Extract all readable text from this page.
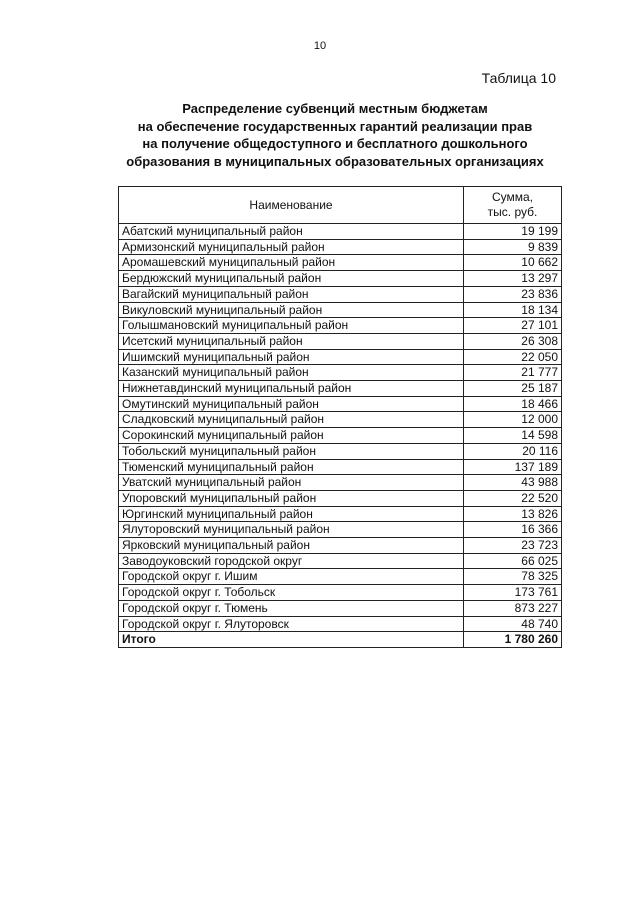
10
Таблица 10
Распределение субвенций местным бюджетам
на обеспечение государственных гарантий реализации прав
на получение общедоступного и бесплатного дошкольного
образования в муниципальных образовательных организациях
Наименование	Сумма,
тыс. руб.

Абатский муниципальный район	19 199
Армизонский муниципальный район	9 839
Аромашевский муниципальный район	10 662
Бердюжский муниципальный район	13 297
Вагайский муниципальный район	23 836
Викуловский муниципальный район	18 134
Голышмановский муниципальный район	27 101
Исетский муниципальный район	26 308
Ишимский муниципальный район	22 050
Казанский муниципальный район	21 777
Нижнетавдинский муниципальный район	25 187
Омутинский муниципальный район	18 466
Сладковский муниципальный район	12 000
Сорокинский муниципальный район	14 598
Тобольский муниципальный район	20 116
Тюменский муниципальный район	137 189
Уватский муниципальный район	43 988
Упоровский муниципальный район	22 520
Юргинский муниципальный район	13 826
Ялуторовский муниципальный район	16 366
Ярковский муниципальный район	23 723
Заводоуковский городской округ	66 025
Городской округ г. Ишим	78 325
Городской округ г. Тобольск	173 761
Городской округ г. Тюмень	873 227
Городской округ г. Ялуторовск	48 740
Итого	1 780 260
